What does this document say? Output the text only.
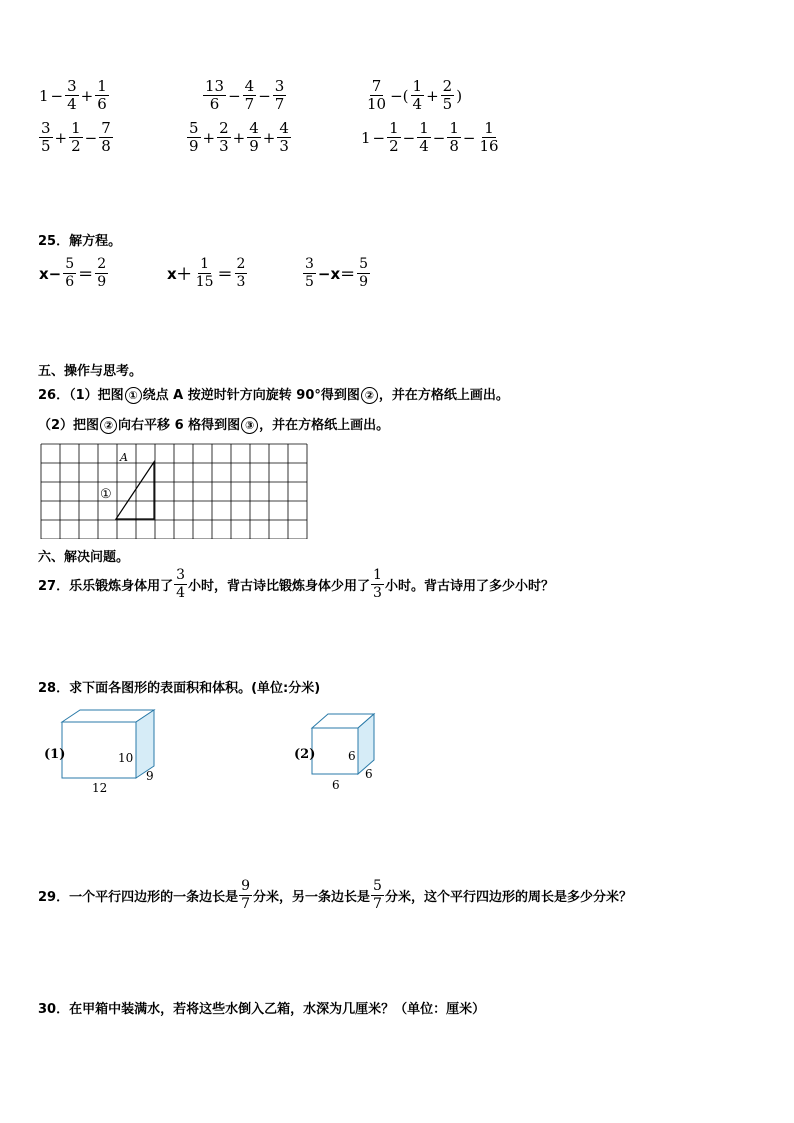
$1 - \frac{3}{4} + \frac{1}{6}$	$\frac{13}{6} - \frac{4}{7} - \frac{3}{7}$	$\frac{7}{10}$ −( $\frac{1}{4} + \frac{2}{5}$ )
$\frac{3}{5} + \frac{1}{2} - \frac{7}{8}$	$\frac{5}{9} + \frac{2}{3} + \frac{4}{9} + \frac{4}{3}$	$1 - \frac{1}{2} - \frac{1}{4} - \frac{1}{8} - \frac{1}{16}$
25．解方程。
$x- \frac{5}{6} = \frac{2}{9}$	$x+ \frac{1}{15} = \frac{2}{3}$	$\frac{3}{5} -x= \frac{5}{9}$
五、操作与思考。
26．（1）把图 ① 绕点 A 按逆时针方向旋转 90°得到图 ② ，并在方格纸上画出。
（2）把图 ② 向右平移 6 格得到图 ③ ，并在方格纸上画出。
A
①
六、解决问题。
27．乐乐锻炼身体用了 $\frac{3}{4}$ 小时，背古诗比锻炼身体少用了 $\frac{1}{3}$ 小时。背古诗用了多少小时？
28．求下面各图形的表面积和体积。(单位:分米)
(1)	10
12
9
(2)	6
6
6
29．一个平行四边形的一条边长是 $\frac{9}{7}$ 分米，另一条边长是 $\frac{5}{7}$ 分米，这个平行四边形的周长是多少分米？
30．在甲箱中装满水，若将这些水倒入乙箱，水深为几厘米？（单位：厘米）
